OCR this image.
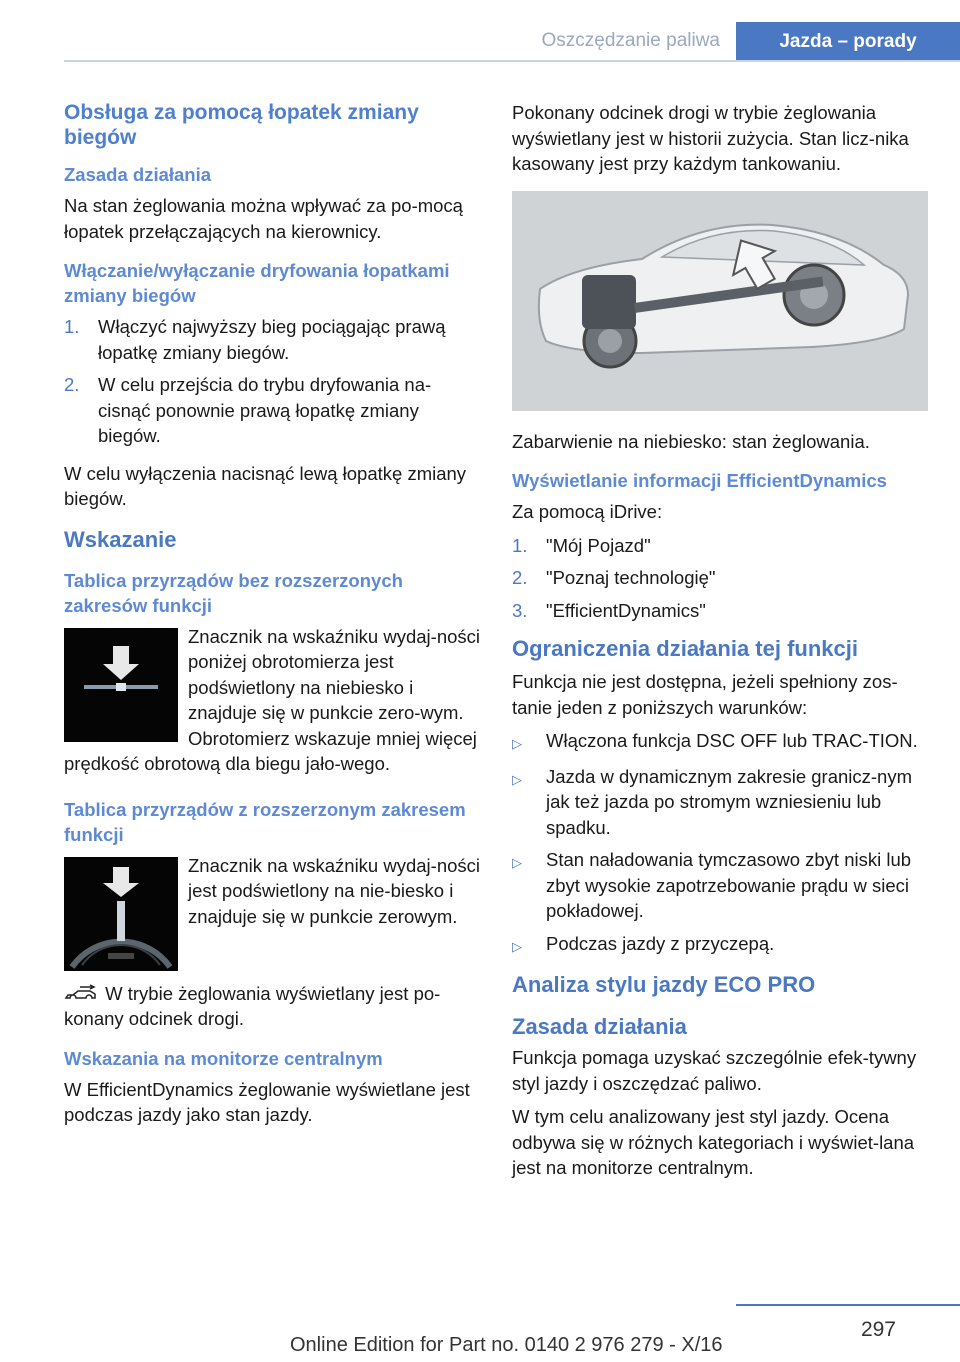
Oszczędzanie paliwa	Jazda – porady
Obsługa za pomocą łopatek zmiany biegów
Zasada działania
Na stan żeglowania można wpływać za po-mocą łopatek przełączających na kierownicy.
Włączanie/wyłączanie dryfowania łopatkami zmiany biegów
1.	Włączyć najwyższy bieg pociągając prawą łopatkę zmiany biegów.
2.	W celu przejścia do trybu dryfowania na-cisnąć ponownie prawą łopatkę zmiany biegów.
W celu wyłączenia nacisnąć lewą łopatkę zmiany biegów.
Wskazanie
Tablica przyrządów bez rozszerzonych zakresów funkcji
Znacznik na wskaźniku wydaj-ności poniżej obrotomierza jest podświetlony na niebiesko i znajduje się w punkcie zero-wym. Obrotomierz wskazuje mniej więcej prędkość obrotową dla biegu jało-wego.
Tablica przyrządów z rozszerzonym zakresem funkcji
Znacznik na wskaźniku wydaj-ności jest podświetlony na nie-biesko i znajduje się w punkcie zerowym.
W trybie żeglowania wyświetlany jest po-konany odcinek drogi.
Wskazania na monitorze centralnym
W EfficientDynamics żeglowanie wyświetlane jest podczas jazdy jako stan jazdy.
Pokonany odcinek drogi w trybie żeglowania wyświetlany jest w historii zużycia. Stan licz-nika kasowany jest przy każdym tankowaniu.
Zabarwienie na niebiesko: stan żeglowania.
Wyświetlanie informacji EfficientDynamics
Za pomocą iDrive:
1.	"Mój Pojazd"
2.	"Poznaj technologię"
3.	"EfficientDynamics"
Ograniczenia działania tej funkcji
Funkcja nie jest dostępna, jeżeli spełniony zos-tanie jeden z poniższych warunków:
▷	Włączona funkcja DSC OFF lub TRAC-TION.
▷	Jazda w dynamicznym zakresie granicz-nym jak też jazda po stromym wzniesieniu lub spadku.
▷	Stan naładowania tymczasowo zbyt niski lub zbyt wysokie zapotrzebowanie prądu w sieci pokładowej.
▷	Podczas jazdy z przyczepą.
Analiza stylu jazdy ECO PRO
Zasada działania
Funkcja pomaga uzyskać szczególnie efek-tywny styl jazdy i oszczędzać paliwo.
W tym celu analizowany jest styl jazdy. Ocena odbywa się w różnych kategoriach i wyświet-lana jest na monitorze centralnym.
297
Online Edition for Part no. 0140 2 976 279 - X/16
